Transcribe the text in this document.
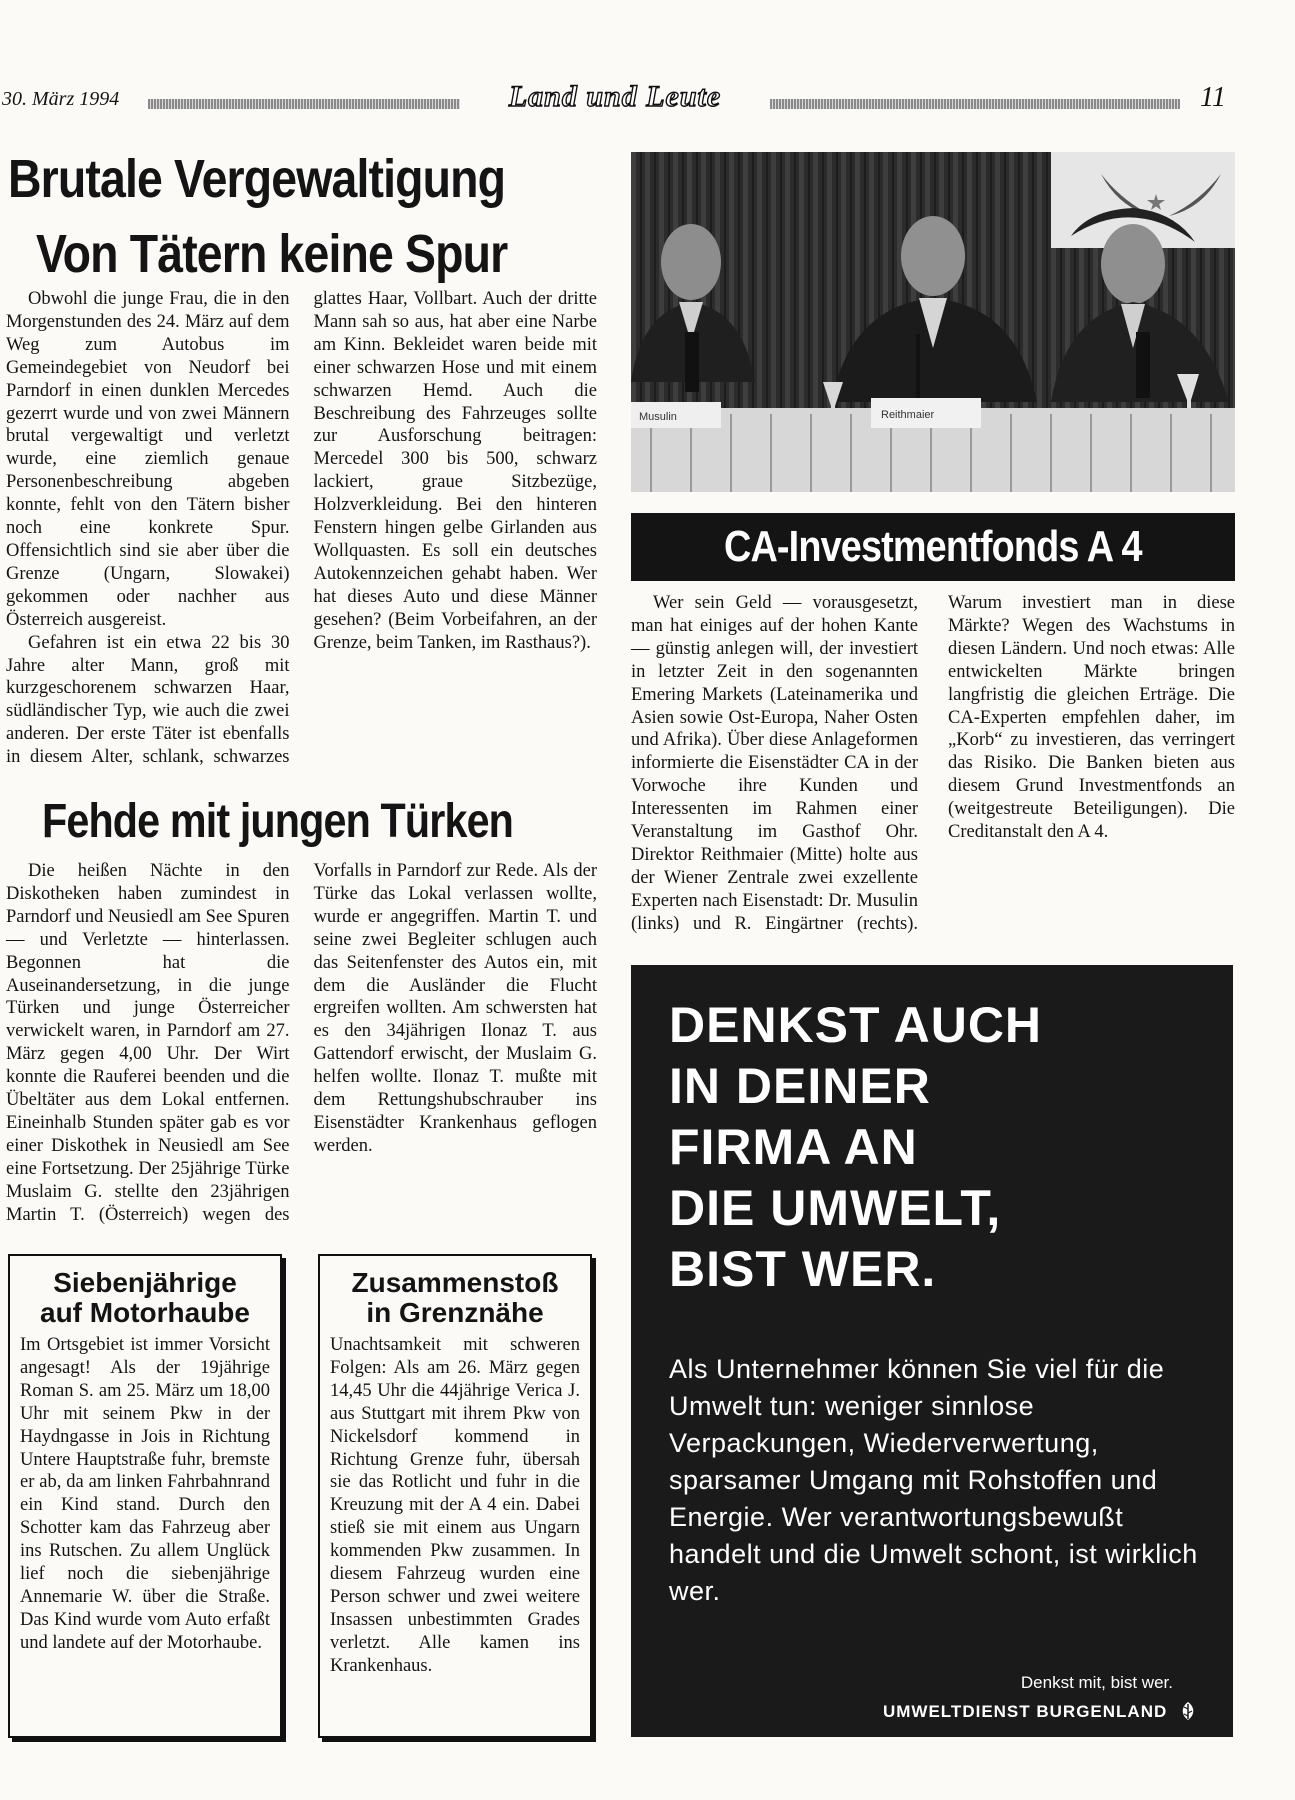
30. März 1994	Land und Leute	11
Brutale Vergewaltigung
Von Tätern keine Spur

Obwohl die junge Frau, die in den Morgenstunden des 24. März auf dem Weg zum Autobus im Gemeindegebiet von Neudorf bei Parndorf in einen dunklen Mercedes gezerrt wurde und von zwei Männern brutal vergewaltigt und verletzt wurde, eine ziemlich genaue Personenbeschreibung abgeben konnte, fehlt von den Tätern bisher noch eine konkrete Spur. Offensichtlich sind sie aber über die Grenze (Ungarn, Slowakei) gekommen oder nachher aus Österreich ausgereist.

Gefahren ist ein etwa 22 bis 30 Jahre alter Mann, groß mit kurzgeschorenem schwarzen Haar, südländischer Typ, wie auch die zwei anderen. Der erste Täter ist ebenfalls in diesem Alter, schlank, schwarzes glattes Haar, Vollbart. Auch der dritte Mann sah so aus, hat aber eine Narbe am Kinn. Bekleidet waren beide mit einer schwarzen Hose und mit einem schwarzen Hemd. Auch die Beschreibung des Fahrzeuges sollte zur Ausforschung beitragen: Mercedel 300 bis 500, schwarz lackiert, graue Sitzbezüge, Holzverkleidung. Bei den hinteren Fenstern hingen gelbe Girlanden aus Wollquasten. Es soll ein deutsches Autokennzeichen gehabt haben. Wer hat dieses Auto und diese Männer gesehen? (Beim Vorbeifahren, an der Grenze, beim Tanken, im Rasthaus?).

Musulin	Reithmaier
CA-Investmentfonds A 4

Wer sein Geld — vorausgesetzt, man hat einiges auf der hohen Kante — günstig anlegen will, der investiert in letzter Zeit in den sogenannten Emering Markets (Lateinamerika und Asien sowie Ost-Europa, Naher Osten und Afrika). Über diese Anlageformen informierte die Eisenstädter CA in der Vorwoche ihre Kunden und Interessenten im Rahmen einer Veranstaltung im Gasthof Ohr. Direktor Reithmaier (Mitte) holte aus der Wiener Zentrale zwei exzellente Experten nach Eisenstadt: Dr. Musulin (links) und R. Eingärtner (rechts). Warum investiert man in diese Märkte? Wegen des Wachstums in diesen Ländern. Und noch etwas: Alle entwickelten Märkte bringen langfristig die gleichen Erträge. Die CA-Experten empfehlen daher, im „Korb“ zu investieren, das verringert das Risiko. Die Banken bieten aus diesem Grund Investmentfonds an (weitgestreute Beteiligungen). Die Creditanstalt den A 4.

Fehde mit jungen Türken

Die heißen Nächte in den Diskotheken haben zumindest in Parndorf und Neusiedl am See Spuren — und Verletzte — hinterlassen. Begonnen hat die Auseinandersetzung, in die junge Türken und junge Österreicher verwickelt waren, in Parndorf am 27. März gegen 4,00 Uhr. Der Wirt konnte die Rauferei beenden und die Übeltäter aus dem Lokal entfernen. Eineinhalb Stunden später gab es vor einer Diskothek in Neusiedl am See eine Fortsetzung. Der 25jährige Türke Muslaim G. stellte den 23jährigen Martin T. (Österreich) wegen des Vorfalls in Parndorf zur Rede. Als der Türke das Lokal verlassen wollte, wurde er angegriffen. Martin T. und seine zwei Begleiter schlugen auch das Seitenfenster des Autos ein, mit dem die Ausländer die Flucht ergreifen wollten. Am schwersten hat es den 34jährigen Ilonaz T. aus Gattendorf erwischt, der Muslaim G. helfen wollte. Ilonaz T. mußte mit dem Rettungshubschrauber ins Eisenstädter Krankenhaus geflogen werden.

Siebenjährige
auf Motorhaube
Im Ortsgebiet ist immer Vorsicht angesagt! Als der 19jährige Roman S. am 25. März um 18,00 Uhr mit seinem Pkw in der Haydngasse in Jois in Richtung Untere Hauptstraße fuhr, bremste er ab, da am linken Fahrbahnrand ein Kind stand. Durch den Schotter kam das Fahrzeug aber ins Rutschen. Zu allem Unglück lief noch die siebenjährige Annemarie W. über die Straße. Das Kind wurde vom Auto erfaßt und landete auf der Motorhaube.
Zusammenstoß
in Grenznähe
Unachtsamkeit mit schweren Folgen: Als am 26. März gegen 14,45 Uhr die 44jährige Verica J. aus Stuttgart mit ihrem Pkw von Nickelsdorf kommend in Richtung Grenze fuhr, übersah sie das Rotlicht und fuhr in die Kreuzung mit der A 4 ein. Dabei stieß sie mit einem aus Ungarn kommenden Pkw zusammen. In diesem Fahrzeug wurden eine Person schwer und zwei weitere Insassen unbestimmten Grades verletzt. Alle kamen ins Krankenhaus.
DENKST AUCH
IN DEINER
FIRMA AN
DIE UMWELT,
BIST WER.
Als Unternehmer können Sie viel für die Umwelt tun: weniger sinnlose Verpackungen, Wiederverwertung, sparsamer Umgang mit Rohstoffen und Energie. Wer verantwortungsbewußt handelt und die Umwelt schont, ist wirklich wer.
Denkst mit, bist wer.
UMWELTDIENST BURGENLAND
